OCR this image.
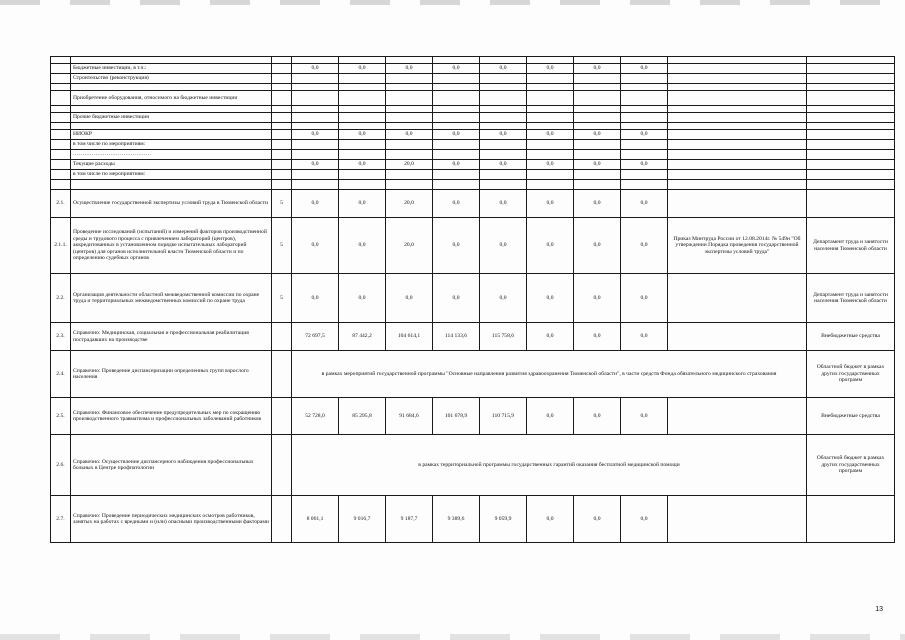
	Бюджетные инвестиции, в т.ч.:		0,0	0,0	0,0	0,0	0,0	0,0	0,0	0,0		
	Строительство (реконструкция)											

	Приобретение оборудования, относимого на бюджетные инвестиции											

	Прочие бюджетные инвестиции											

	НИОКР		0,0	0,0	0,0	0,0	0,0	0,0	0,0	0,0		
	в том числе по мероприятиям:											
	……………………………………											
	Текущие расходы		0,0	0,0	20,0	0,0	0,0	0,0	0,0	0,0		
	в том числе по мероприятиям:											

2.1.	Осуществление государственной экспертизы условий труда в Тюменской области	5	0,0	0,0	20,0	0,0	0,0	0,0	0,0	0,0		
2.1.1.	Проведение исследований (испытаний) и измерений факторов производственной среды и трудового процесса с привлечением лабораторий (центров), аккредитованных в установленном порядке испытательных лабораторий (центров) для органов исполнительной власти Тюменской области и по определению судебных органов	5	0,0	0,0	20,0	0,0	0,0	0,0	0,0	0,0	Приказ Минтруда России от 12.08.2014г. № 549н "Об утверждении Порядка проведения государственной экспертизы условий труда"	Департамент труда и занятости населения Тюменской области
2.2.	Организация деятельности областной межведомственной комиссии по охране труда и территориальных межведомственных комиссий по охране труда	5	0,0	0,0	0,0	0,0	0,0	0,0	0,0	0,0		Департамент труда и занятости населения Тюменской области
2.3.	Справочно: Медицинская, социальная и профессиональная реабилитация пострадавших на производстве		72 697,5	87 442,2	104 614,1	114 133,6	115 758,6	0,0	0,0	0,0		Внебюджетные средства
2.4.	Справочно: Проведение диспансеризации определенных групп взрослого населения		в рамках мероприятий государственной программы "Основные направления развития здравоохранения Тюменской области", в части средств Фонда обязательного медицинского страхования									Областной бюджет в рамках других государственных программ
2.5.	Справочно: Финансовое обеспечение предупредительных мер по сокращению производственного травматизма и профессиональных заболеваний работников		52 728,0	85 295,8	91 684,6	101 678,9	110 715,9	0,0	0,0	0,0		Внебюджетные средства
2.6.	Справочно: Осуществление диспансерного наблюдения профессиональных больных в Центре профпатологии		в рамках территориальной программы государственных гарантий оказания бесплатной медицинской помощи									Областной бюджет в рамках других государственных программ
2.7.	Справочно: Проведение периодических медицинских осмотров работников, занятых на работах с вредными и (или) опасными производственными факторами		8 061,1	9 016,7	9 187,7	9 389,6	9 059,9	0,0	0,0	0,0		
13
